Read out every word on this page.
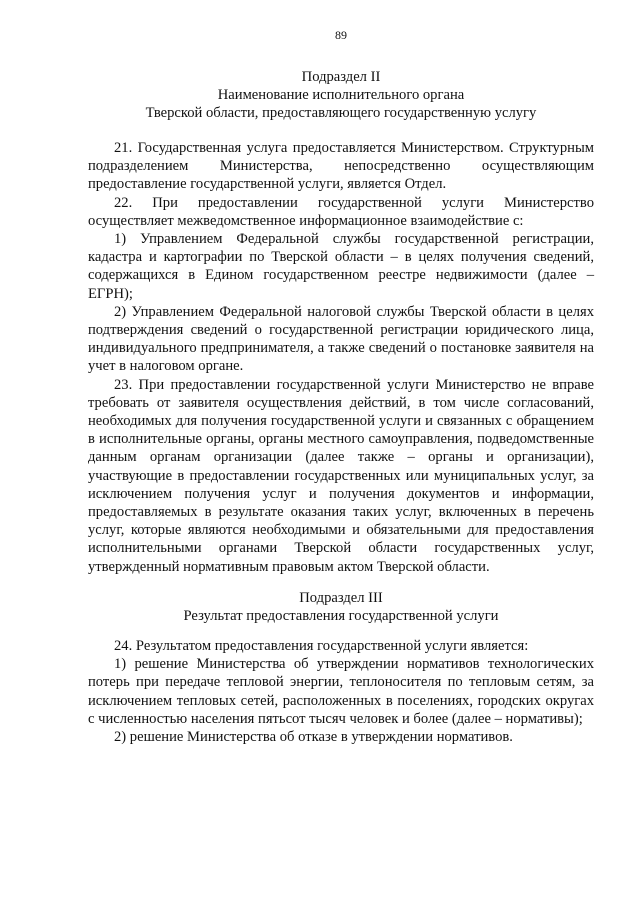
89
Подраздел II
Наименование исполнительного органа
Тверской области, предоставляющего государственную услугу

21. Государственная услуга предоставляется Министерством. Структурным подразделением Министерства, непосредственно осуществляющим предоставление государственной услуги, является Отдел.

22. При предоставлении государственной услуги Министерство осуществляет межведомственное информационное взаимодействие с:

1) Управлением Федеральной службы государственной регистрации, кадастра и картографии по Тверской области – в целях получения сведений, содержащихся в Едином государственном реестре недвижимости (далее – ЕГРН);

2) Управлением Федеральной налоговой службы Тверской области в целях подтверждения сведений о государственной регистрации юридического лица, индивидуального предпринимателя, а также сведений о постановке заявителя на учет в налоговом органе.

23. При предоставлении государственной услуги Министерство не вправе требовать от заявителя осуществления действий, в том числе согласований, необходимых для получения государственной услуги и связанных с обращением в исполнительные органы, органы местного самоуправления, подведомственные данным органам организации (далее также – органы и организации), участвующие в предоставлении государственных или муниципальных услуг, за исключением получения услуг и получения документов и информации, предоставляемых в результате оказания таких услуг, включенных в перечень услуг, которые являются необходимыми и обязательными для предоставления исполнительными органами Тверской области государственных услуг, утвержденный нормативным правовым актом Тверской области.

Подраздел III
Результат предоставления государственной услуги

24. Результатом предоставления государственной услуги является:

1) решение Министерства об утверждении нормативов технологических потерь при передаче тепловой энергии, теплоносителя по тепловым сетям, за исключением тепловых сетей, расположенных в поселениях, городских округах с численностью населения пятьсот тысяч человек и более (далее – нормативы);

2) решение Министерства об отказе в утверждении нормативов.
